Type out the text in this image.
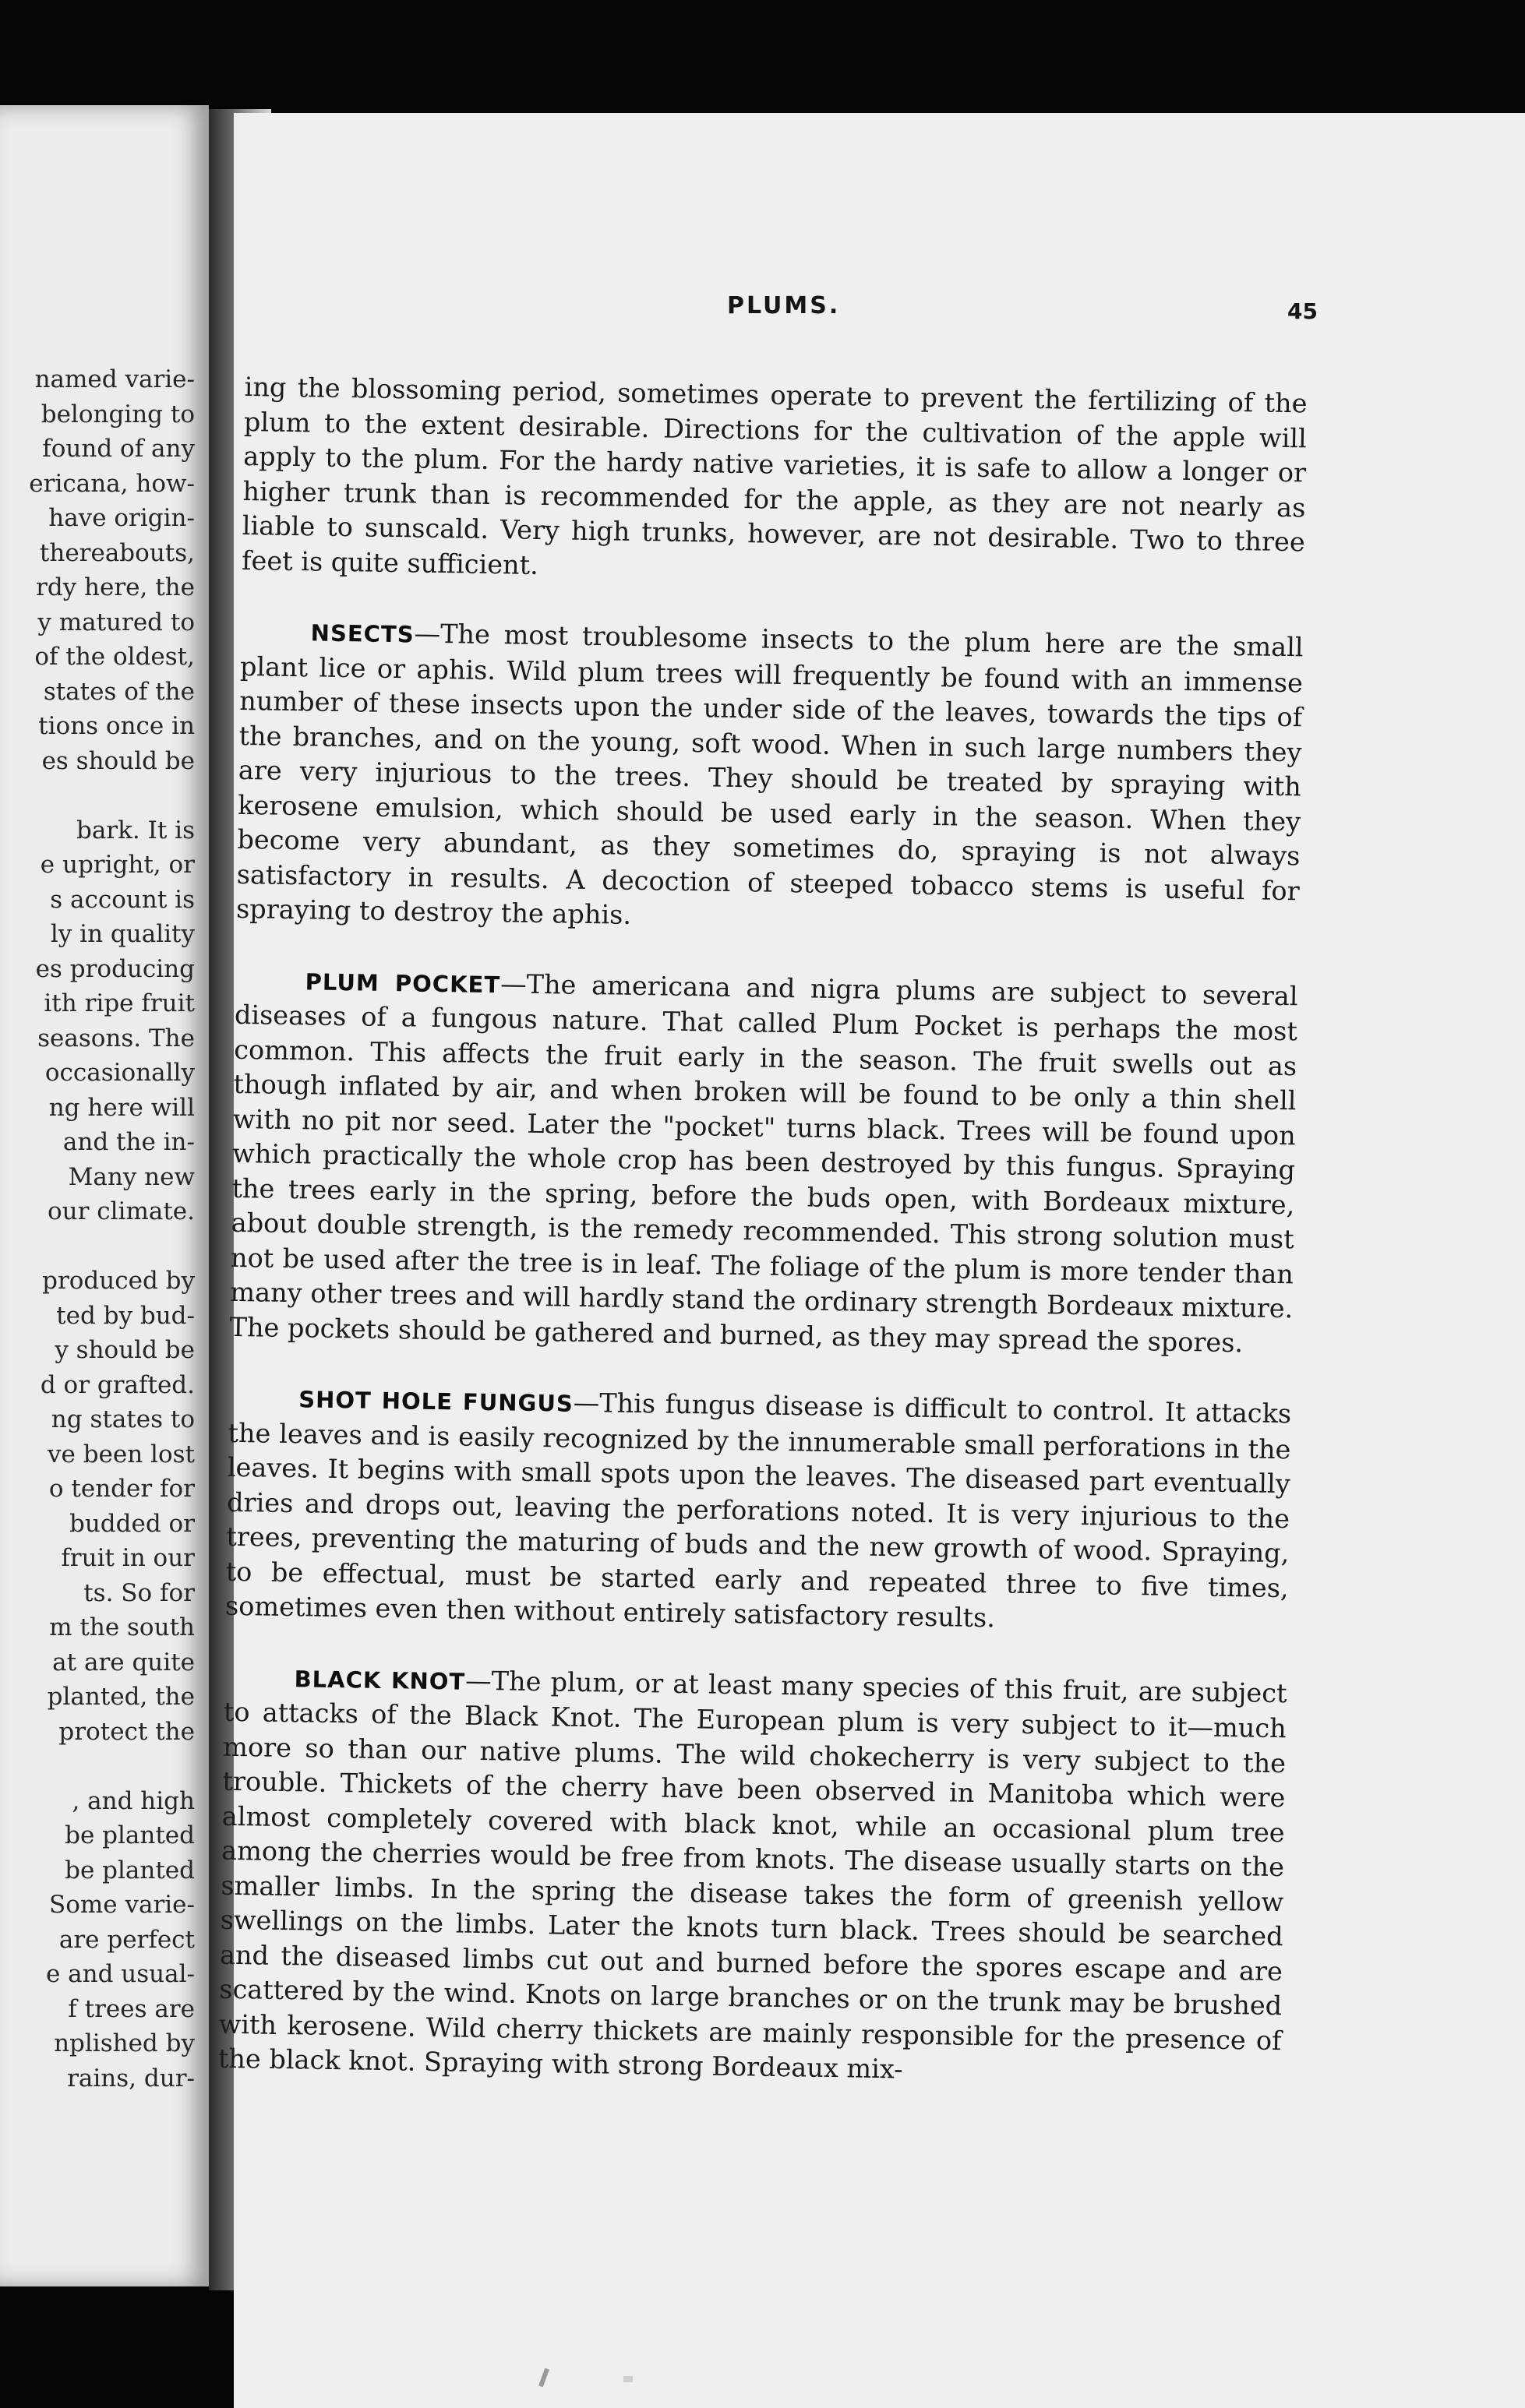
named varie-

belonging to

found of any

ericana, how-

have origin-

thereabouts,

rdy here, the

y matured to

of the oldest,

states of the

tions once in

es should be

bark. It is

e upright, or

s account is

ly in quality

es producing

ith ripe fruit

seasons. The

occasionally

ng here will

and the in-

Many new

our climate.

produced by

ted by bud-

y should be

d or grafted.

ng states to

ve been lost

o tender for

budded or

fruit in our

ts. So for

m the south

at are quite

planted, the

protect the

, and high

be planted

be planted

Some varie-

are perfect

e and usual-

f trees are

nplished by

rains, dur-

PLUMS.	45

ing the blossoming period, sometimes operate to prevent the fertilizing of the plum to the extent desirable. Directions for the cultivation of the apple will apply to the plum. For the hardy native varieties, it is safe to allow a longer or higher trunk than is recommended for the apple, as they are not nearly as liable to sunscald. Very high trunks, however, are not desirable. Two to three feet is quite sufficient.

NSECTS—The most troublesome insects to the plum here are the small plant lice or aphis. Wild plum trees will frequently be found with an immense number of these insects upon the under side of the leaves, towards the tips of the branches, and on the young, soft wood. When in such large numbers they are very injurious to the trees. They should be treated by spraying with kerosene emulsion, which should be used early in the season. When they become very abundant, as they sometimes do, spraying is not always satisfactory in results. A decoction of steeped tobacco stems is useful for spraying to destroy the aphis.

PLUM POCKET—The americana and nigra plums are subject to several diseases of a fungous nature. That called Plum Pocket is perhaps the most common. This affects the fruit early in the season. The fruit swells out as though inflated by air, and when broken will be found to be only a thin shell with no pit nor seed. Later the "pocket" turns black. Trees will be found upon which practically the whole crop has been destroyed by this fungus. Spraying the trees early in the spring, before the buds open, with Bordeaux mixture, about double strength, is the remedy recommended. This strong solution must not be used after the tree is in leaf. The foliage of the plum is more tender than many other trees and will hardly stand the ordinary strength Bordeaux mixture. The pockets should be gathered and burned, as they may spread the spores.

SHOT HOLE FUNGUS—This fungus disease is difficult to control. It attacks the leaves and is easily recognized by the innumerable small perforations in the leaves. It begins with small spots upon the leaves. The diseased part eventually dries and drops out, leaving the perforations noted. It is very injurious to the trees, preventing the maturing of buds and the new growth of wood. Spraying, to be effectual, must be started early and repeated three to five times, sometimes even then without entirely satisfactory results.

BLACK KNOT—The plum, or at least many species of this fruit, are subject to attacks of the Black Knot. The European plum is very subject to it—much more so than our native plums. The wild chokecherry is very subject to the trouble. Thickets of the cherry have been observed in Manitoba which were almost completely covered with black knot, while an occasional plum tree among the cherries would be free from knots. The disease usually starts on the smaller limbs. In the spring the disease takes the form of greenish yellow swellings on the limbs. Later the knots turn black. Trees should be searched and the diseased limbs cut out and burned before the spores escape and are scattered by the wind. Knots on large branches or on the trunk may be brushed with kerosene. Wild cherry thickets are mainly responsible for the presence of the black knot. Spraying with strong Bordeaux mix-
